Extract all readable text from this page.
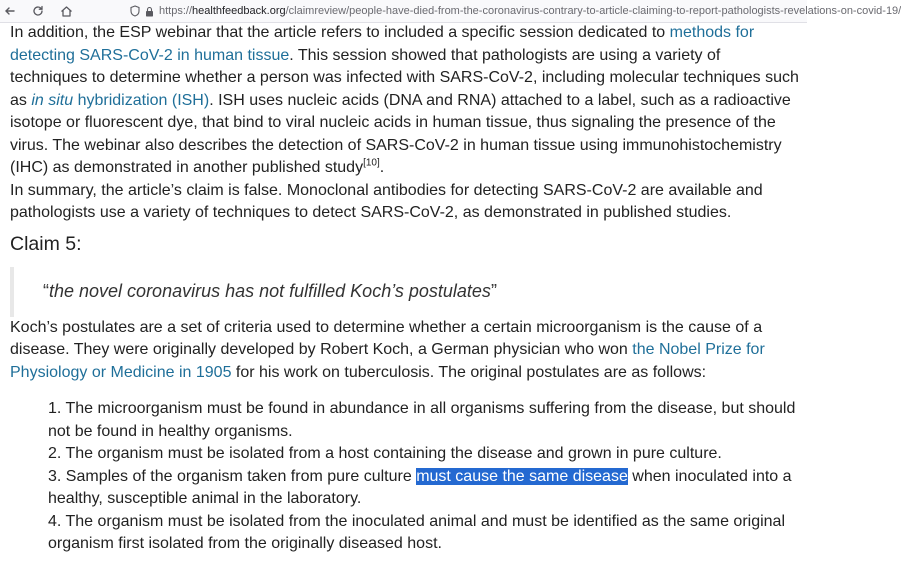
https:// healthfeedback.org /claimreview/people-have-died-from-the-coronavirus-contrary-to-article-claiming-to-report-pathologists-revelations-on-covid-19/

In addition, the ESP webinar that the article refers to included a specific session dedicated to methods for detecting SARS-CoV-2 in human tissue. This session showed that pathologists are using a variety of techniques to determine whether a person was infected with SARS-CoV-2, including molecular techniques such as in situ hybridization (ISH). ISH uses nucleic acids (DNA and RNA) attached to a label, such as a radioactive isotope or fluorescent dye, that bind to viral nucleic acids in human tissue, thus signaling the presence of the virus. The webinar also describes the detection of SARS-CoV-2 in human tissue using immunohistochemistry (IHC) as demonstrated in another published study[10].

In summary, the article’s claim is false. Monoclonal antibodies for detecting SARS-CoV-2 are available and pathologists use a variety of techniques to detect SARS-CoV-2, as demonstrated in published studies.

Claim 5:
“the novel coronavirus has not fulfilled Koch’s postulates”

Koch’s postulates are a set of criteria used to determine whether a certain microorganism is the cause of a disease. They were originally developed by Robert Koch, a German physician who won the Nobel Prize for Physiology or Medicine in 1905 for his work on tuberculosis. The original postulates are as follows:

1. The microorganism must be found in abundance in all organisms suffering from the disease, but should not be found in healthy organisms.
2. The organism must be isolated from a host containing the disease and grown in pure culture.
3. Samples of the organism taken from pure culture must cause the same disease when inoculated into a healthy, susceptible animal in the laboratory.
4. The organism must be isolated from the inoculated animal and must be identified as the same original organism first isolated from the originally diseased host.
